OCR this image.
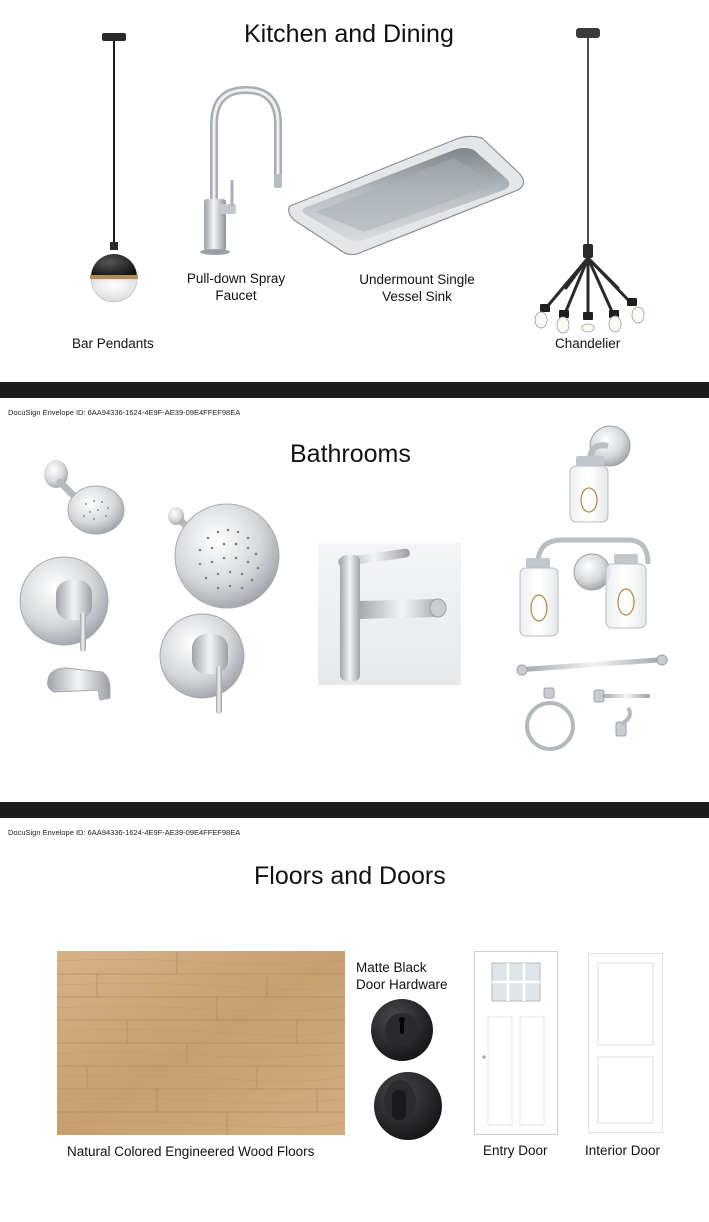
Kitchen and Dining
Bar Pendants
Pull-down Spray
Faucet
Undermount Single
Vessel Sink
Chandelier
DocuSign Envelope ID: 6AA94336-1624-4E9F-AE39-09E4FFEF98EA
Bathrooms
DocuSign Envelope ID: 6AA94336-1624-4E9F-AE39-09E4FFEF98EA
Floors and Doors
Natural Colored Engineered Wood Floors
Matte Black
Door Hardware
Entry Door	Interior Door
